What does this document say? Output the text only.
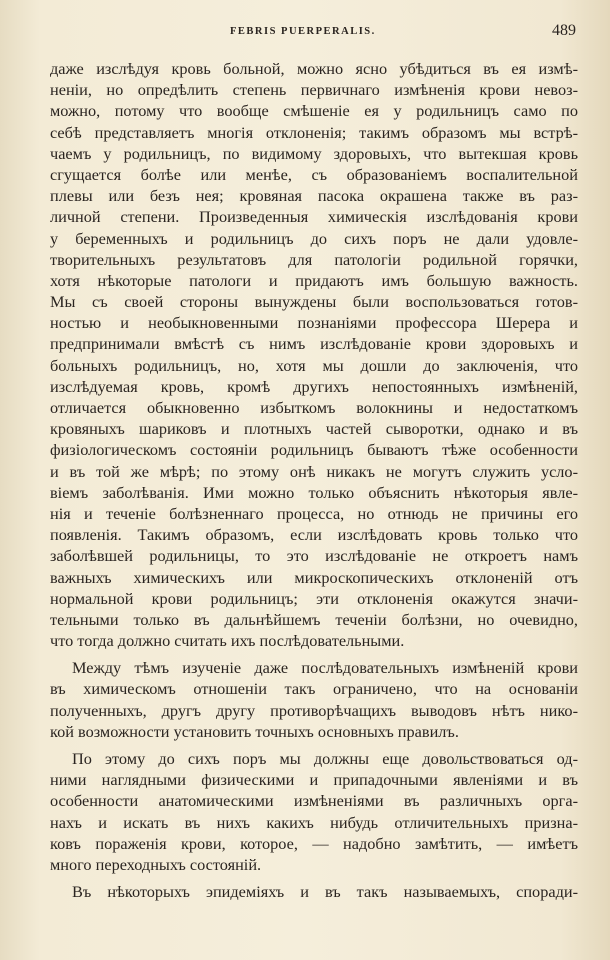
FEBRIS PUERPERALIS.	489
даже изслѣдуя кровь больной, можно ясно убѣдиться въ ея измѣ-
неніи, но опредѣлить степень первичнаго измѣненія крови невоз-
можно, потому что вообще смѣшеніе ея у родильницъ само по
себѣ представляетъ многія отклоненія; такимъ образомъ мы встрѣ-
чаемъ у родильницъ, по видимому здоровыхъ, что вытекшая кровь
сгущается болѣе или менѣе, съ образованіемъ воспалительной
плевы или безъ нея; кровяная пасока окрашена также въ раз-
личной степени. Произведенныя химическія изслѣдованія крови
у беременныхъ и родильницъ до сихъ поръ не дали удовле-
творительныхъ результатовъ для патологіи родильной горячки,
хотя нѣкоторые патологи и придаютъ имъ большую важность.
Мы съ своей стороны вынуждены были воспользоваться готов-
ностью и необыкновенными познаніями профессора Шерера и
предпринимали вмѣстѣ съ нимъ изслѣдованіе крови здоровыхъ и
больныхъ родильницъ, но, хотя мы дошли до заключенія, что
изслѣдуемая кровь, кромѣ другихъ непостоянныхъ измѣненій,
отличается обыкновенно избыткомъ волокнины и недостаткомъ
кровяныхъ шариковъ и плотныхъ частей сыворотки, однако и въ
физіологическомъ состояніи родильницъ бываютъ тѣже особенности
и въ той же мѣрѣ; по этому онѣ никакъ не могутъ служить усло-
віемъ заболѣванія. Ими можно только объяснить нѣкоторыя явле-
нія и теченіе болѣзненнаго процесса, но отнюдь не причины его
появленія. Такимъ образомъ, если изслѣдовать кровь только что
заболѣвшей родильницы, то это изслѣдованіе не откроетъ намъ
важныхъ химическихъ или микроскопическихъ отклоненій отъ
нормальной крови родильницъ; эти отклоненія окажутся значи-
тельными только въ дальнѣйшемъ теченіи болѣзни, но очевидно,
что тогда должно считать ихъ послѣдовательными.
Между тѣмъ изученіе даже послѣдовательныхъ измѣненій крови
въ химическомъ отношеніи такъ ограничено, что на основаніи
полученныхъ, другъ другу противорѣчащихъ выводовъ нѣтъ нико-
кой возможности установить точныхъ основныхъ правилъ.
По этому до сихъ поръ мы должны еще довольствоваться од-
ними наглядными физическими и припадочными явленіями и въ
особенности анатомическими измѣненіями въ различныхъ орга-
нахъ и искать въ нихъ какихъ нибудь отличительныхъ призна-
ковъ пораженія крови, которое, — надобно замѣтить, — имѣетъ
много переходныхъ состояній.
Въ нѣкоторыхъ эпидеміяхъ и въ такъ называемыхъ, споради-
